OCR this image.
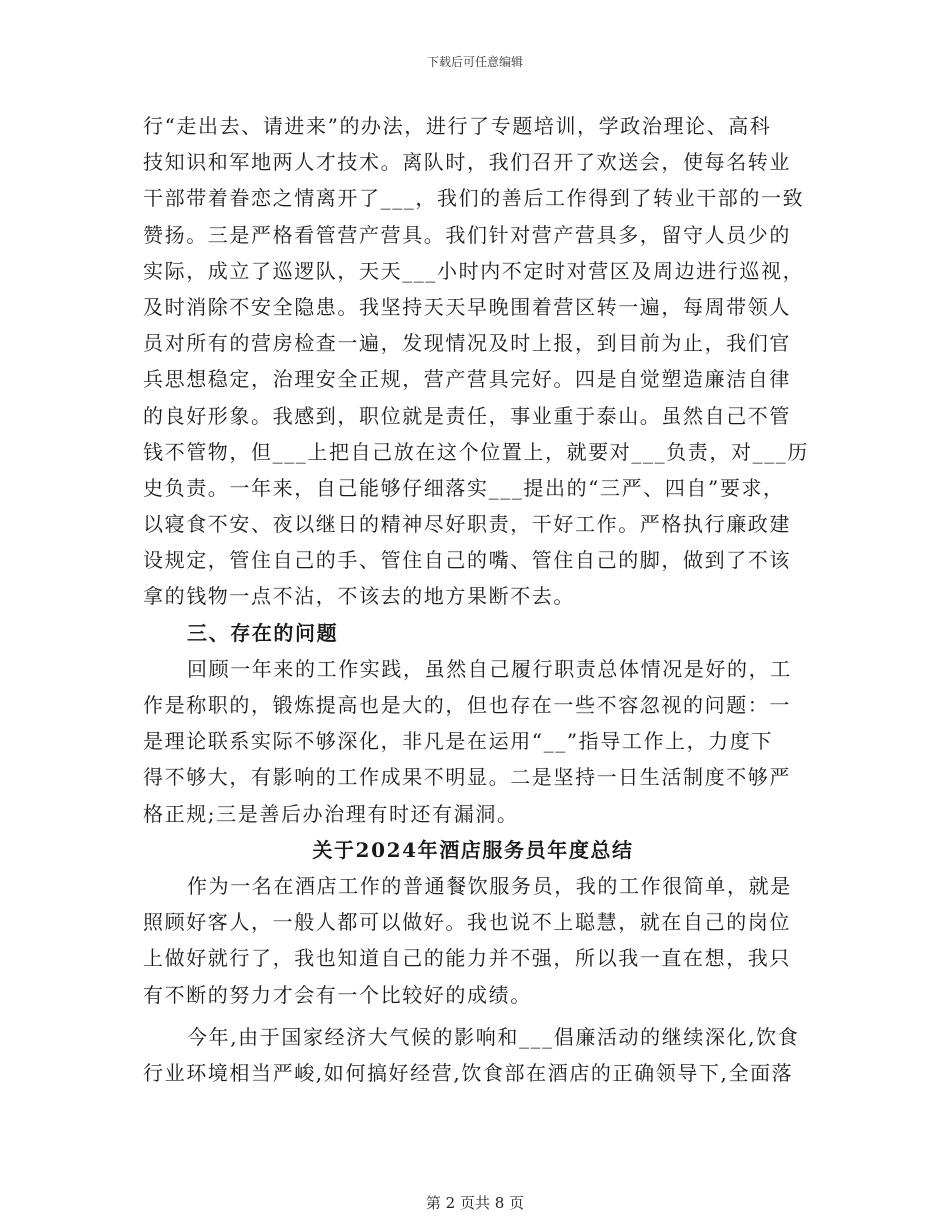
下载后可任意编辑
行“走出去、请进来”的办法，进行了专题培训，学政治理论、高科
技知识和军地两人才技术。离队时，我们召开了欢送会，使每名转业
干部带着眷恋之情离开了___，我们的善后工作得到了转业干部的一致
赞扬。三是严格看管营产营具。我们针对营产营具多，留守人员少的
实际，成立了巡逻队，天天___小时内不定时对营区及周边进行巡视，
及时消除不安全隐患。我坚持天天早晚围着营区转一遍，每周带领人
员对所有的营房检查一遍，发现情况及时上报，到目前为止，我们官
兵思想稳定，治理安全正规，营产营具完好。四是自觉塑造廉洁自律
的良好形象。我感到，职位就是责任，事业重于泰山。虽然自己不管
钱不管物，但___上把自己放在这个位置上，就要对___负责，对___历
史负责。一年来，自己能够仔细落实___提出的“三严、四自”要求，
以寝食不安、夜以继日的精神尽好职责，干好工作。严格执行廉政建
设规定，管住自己的手、管住自己的嘴、管住自己的脚，做到了不该
拿的钱物一点不沾，不该去的地方果断不去。
三、存在的问题
回顾一年来的工作实践，虽然自己履行职责总体情况是好的，工
作是称职的，锻炼提高也是大的，但也存在一些不容忽视的问题：一
是理论联系实际不够深化，非凡是在运用“__”指导工作上，力度下
得不够大，有影响的工作成果不明显。二是坚持一日生活制度不够严
格正规;三是善后办治理有时还有漏洞。
关于2024年酒店服务员年度总结
作为一名在酒店工作的普通餐饮服务员，我的工作很简单，就是
照顾好客人，一般人都可以做好。我也说不上聪慧，就在自己的岗位
上做好就行了，我也知道自己的能力并不强，所以我一直在想，我只
有不断的努力才会有一个比较好的成绩。
今年,由于国家经济大气候的影响和___倡廉活动的继续深化,饮食
行业环境相当严峻,如何搞好经营,饮食部在酒店的正确领导下,全面落
第 2 页共 8 页
